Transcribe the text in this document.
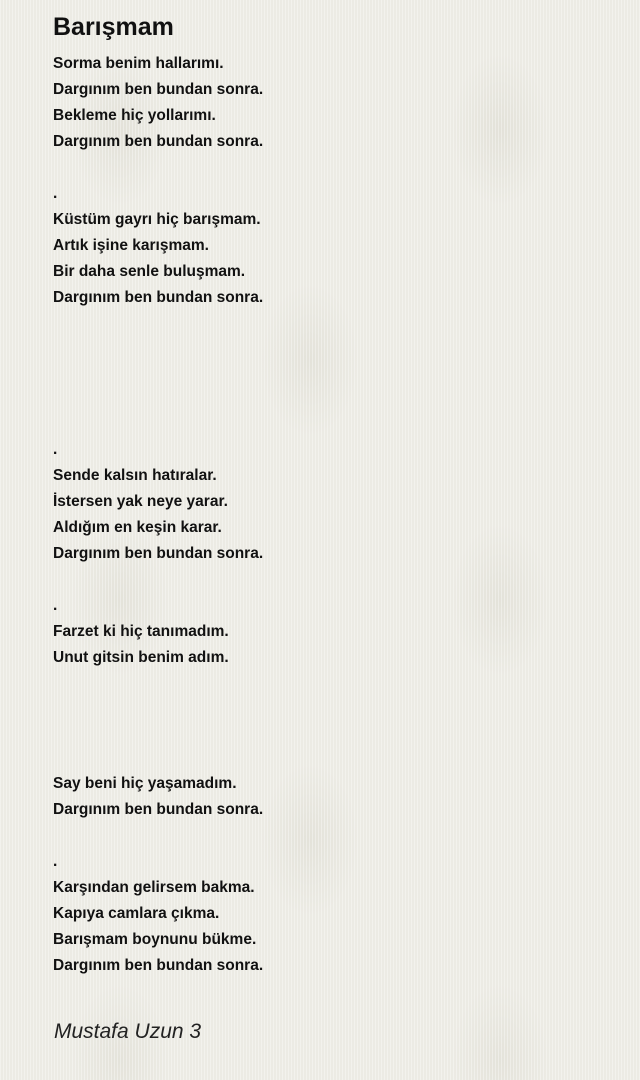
Barışmam

Sorma benim hallarımı.

Dargınım ben bundan sonra.

Bekleme hiç yollarımı.

Dargınım ben bundan sonra.

.

Küstüm gayrı hiç barışmam.

Artık işine karışmam.

Bir daha senle buluşmam.

Dargınım ben bundan sonra.

.

Sende kalsın hatıralar.

İstersen yak neye yarar.

Aldığım en keşin karar.

Dargınım ben bundan sonra.

.

Farzet ki hiç tanımadım.

Unut gitsin benim adım.

Say beni hiç yaşamadım.

Dargınım ben bundan sonra.

.

Karşından gelirsem bakma.

Kapıya camlara çıkma.

Barışmam boynunu bükme.

Dargınım ben bundan sonra.

Mustafa Uzun 3
